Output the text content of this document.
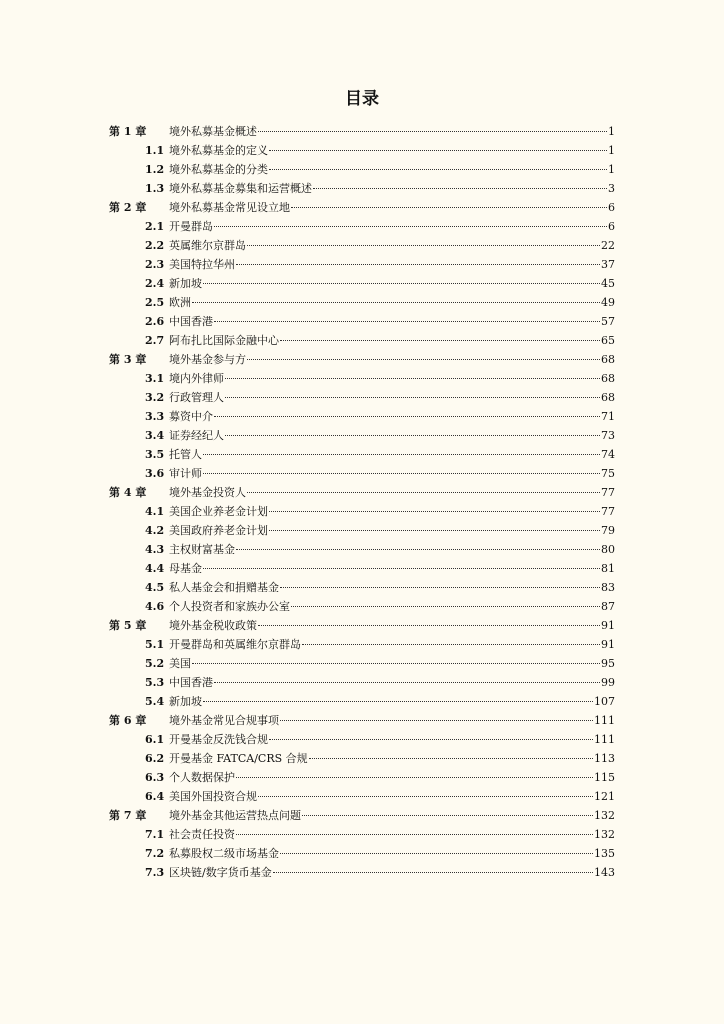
目录
第 1 章	境外私募基金概述	1
1.1 境外私募基金的定义	1
1.2 境外私募基金的分类	1
1.3 境外私募基金募集和运营概述	3
第 2 章	境外私募基金常见设立地	6
2.1 开曼群岛	6
2.2 英属维尔京群岛	22
2.3 美国特拉华州	37
2.4 新加坡	45
2.5 欧洲	49
2.6 中国香港	57
2.7 阿布扎比国际金融中心	65
第 3 章	境外基金参与方	68
3.1 境内外律师	68
3.2 行政管理人	68
3.3 募资中介	71
3.4 证券经纪人	73
3.5 托管人	74
3.6 审计师	75
第 4 章	境外基金投资人	77
4.1 美国企业养老金计划	77
4.2 美国政府养老金计划	79
4.3 主权财富基金	80
4.4 母基金	81
4.5 私人基金会和捐赠基金	83
4.6 个人投资者和家族办公室	87
第 5 章	境外基金税收政策	91
5.1 开曼群岛和英属维尔京群岛	91
5.2 美国	95
5.3 中国香港	99
5.4 新加坡	107
第 6 章	境外基金常见合规事项	111
6.1 开曼基金反洗钱合规	111
6.2 开曼基金 FATCA/CRS 合规	113
6.3 个人数据保护	115
6.4 美国外国投资合规	121
第 7 章	境外基金其他运营热点问题	132
7.1 社会责任投资	132
7.2 私募股权二级市场基金	135
7.3 区块链/数字货币基金	143
